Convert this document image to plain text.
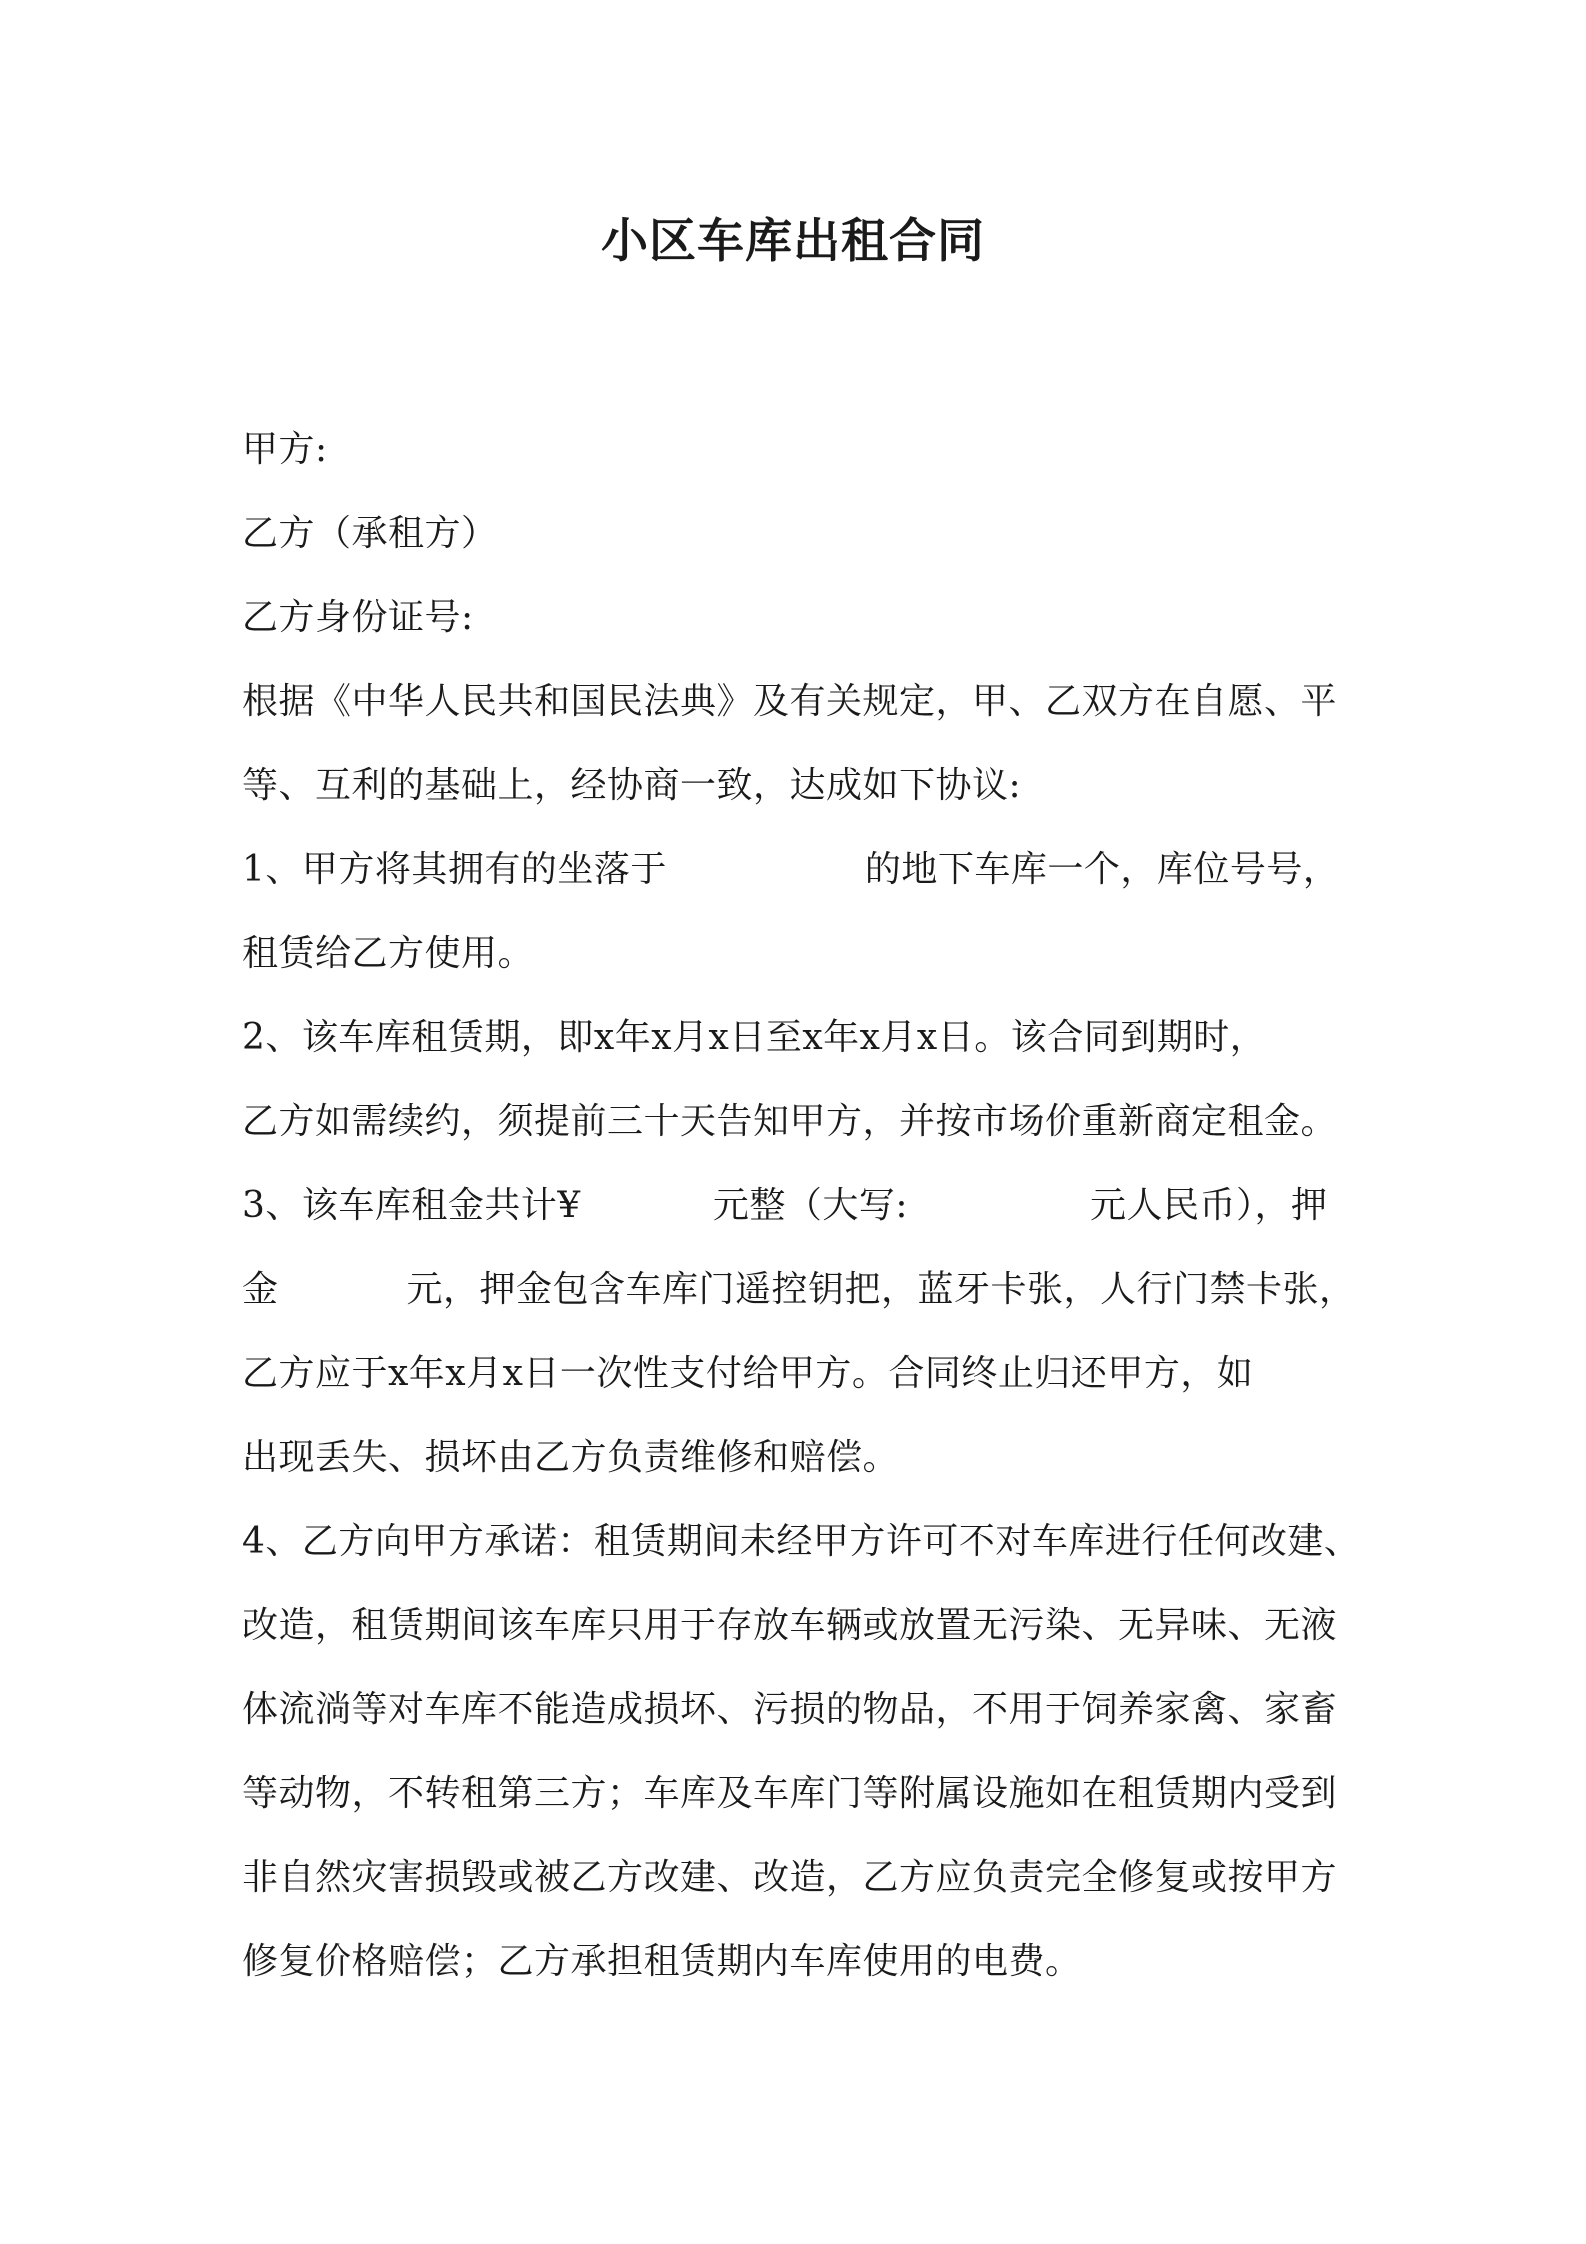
小区车库出租合同
甲方:
乙方（承租方）
乙方身份证号:
根据《中华人民共和国民法典》及有关规定，甲、乙双方在自愿、平
等、互利的基础上，经协商一致，达成如下协议:
1、甲方将其拥有的坐落于	的地下车库一个，库位号号，
租赁给乙方使用。
2、该车库租赁期，即x年x月x日至x年x月x日。该合同到期时，
乙方如需续约，须提前三十天告知甲方，并按市场价重新商定租金。
3、该车库租金共计¥	元整（大写:	元人民币），押
金	元，押金包含车库门遥控钥把，蓝牙卡张，人行门禁卡张，
乙方应于x年x月x日一次性支付给甲方。合同终止归还甲方，如
出现丢失、损坏由乙方负责维修和赔偿。
4、乙方向甲方承诺：租赁期间未经甲方许可不对车库进行任何改建、
改造，租赁期间该车库只用于存放车辆或放置无污染、无异味、无液
体流淌等对车库不能造成损坏、污损的物品，不用于饲养家禽、家畜
等动物，不转租第三方；车库及车库门等附属设施如在租赁期内受到
非自然灾害损毁或被乙方改建、改造，乙方应负责完全修复或按甲方
修复价格赔偿；乙方承担租赁期内车库使用的电费。
